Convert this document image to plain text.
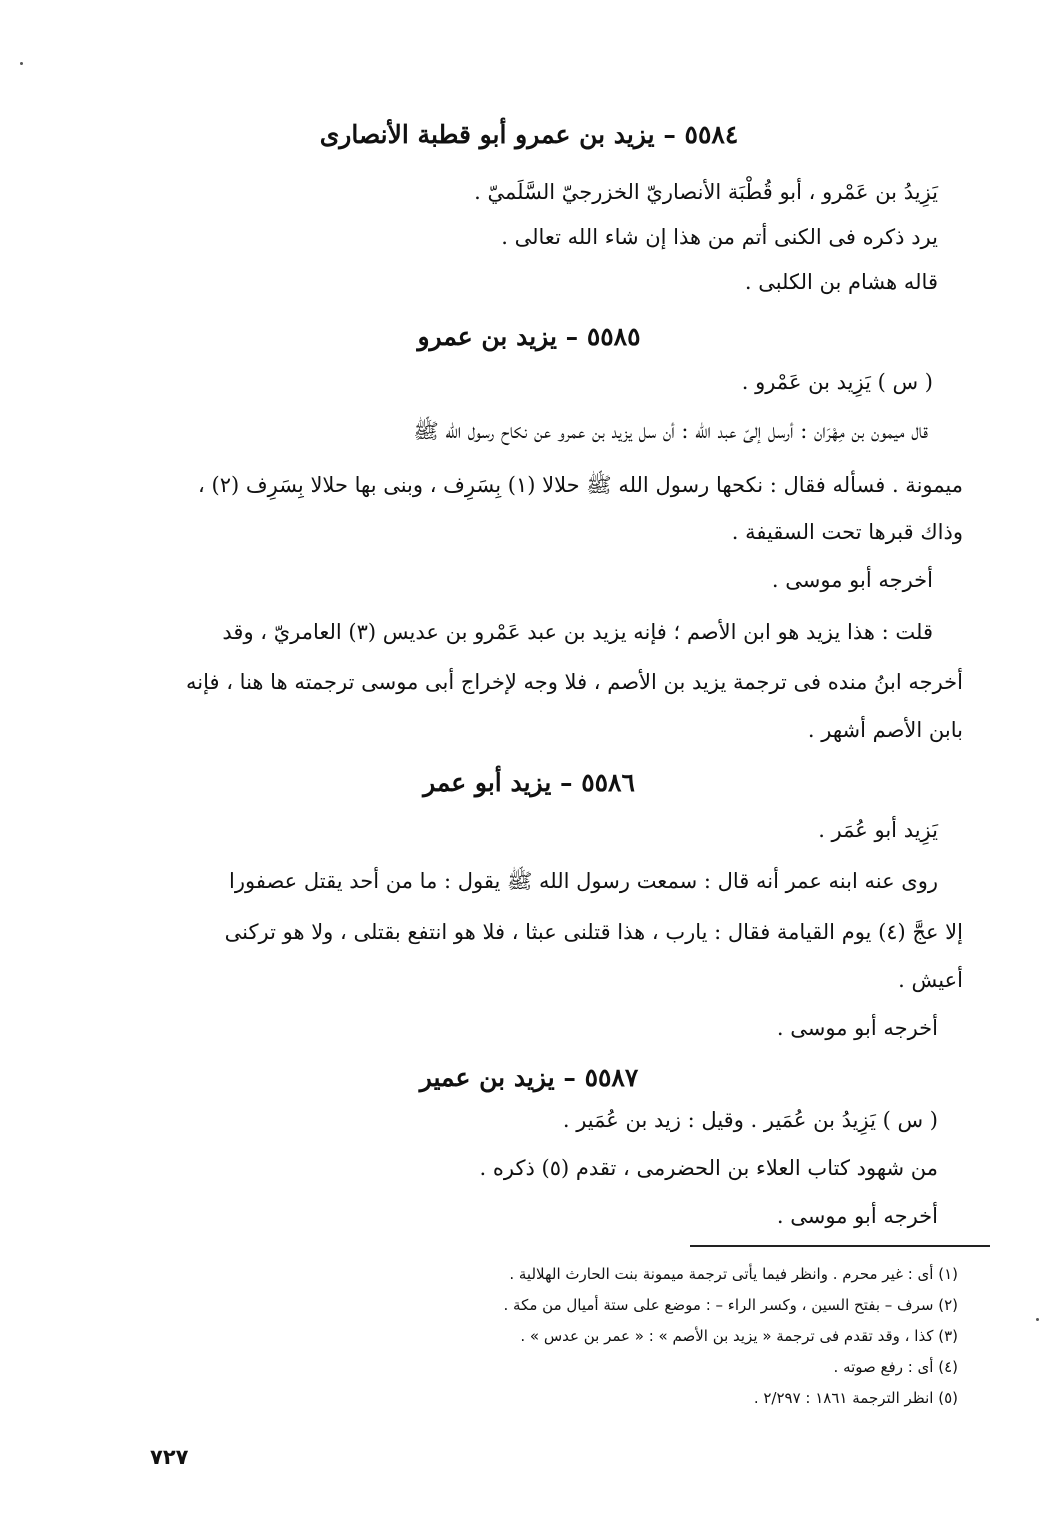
٥٥٨٤ – يزيد بن عمرو أبو قطبة الأنصارى
يَزِيدُ بن عَمْرو ، أبو قُطْبَة الأنصاريّ الخزرجيّ السَّلَميّ .
يرد ذكره فى الكنى أتم من هذا إن شاء الله تعالى .
قاله هشام بن الكلبى .
٥٥٨٥ – يزيد بن عمرو
( س ) يَزِيد بن عَمْرو .
قال ميمون بن مِهْرَان : أرسل إلىّ عبد الله : أن سل يزيد بن عمرو عن نكاح رسول الله ﷺ
ميمونة . فسأله فقال : نكحها رسول الله ﷺ حلالا (١) بِسَرِف ، وبنى بها حلالا بِسَرِف (٢) ،
وذاك قبرها تحت السقيفة .
أخرجه أبو موسى .
قلت : هذا يزيد هو ابن الأصم ؛ فإنه يزيد بن عبد عَمْرو بن عديس (٣) العامريّ ، وقد
أخرجه ابنُ منده فى ترجمة يزيد بن الأصم ، فلا وجه لإخراج أبى موسى ترجمته ها هنا ، فإنه
بابن الأصم أشهر .
٥٥٨٦ – يزيد أبو عمر
يَزِيد أبو عُمَر .
روى عنه ابنه عمر أنه قال : سمعت رسول الله ﷺ يقول : ما من أحد يقتل عصفورا
إلا عجَّ (٤) يوم القيامة فقال : يارب ، هذا قتلنى عبثا ، فلا هو انتفع بقتلى ، ولا هو تركنى
أعيش .
أخرجه أبو موسى .
٥٥٨٧ – يزيد بن عمير
( س ) يَزِيدُ بن عُمَير . وقيل : زيد بن عُمَير .
من شهود كتاب العلاء بن الحضرمى ، تقدم (٥) ذكره .
أخرجه أبو موسى .
(١) أى : غير محرم . وانظر فيما يأتى ترجمة ميمونة بنت الحارث الهلالية .
(٢) سرف – بفتح السين ، وكسر الراء – : موضع على ستة أميال من مكة .
(٣) كذا ، وقد تقدم فى ترجمة « يزيد بن الأصم » : « عمر بن عدس » .
(٤) أى : رفع صوته .
(٥) انظر الترجمة ١٨٦١ : ٢/٢٩٧ .
٧٢٧
